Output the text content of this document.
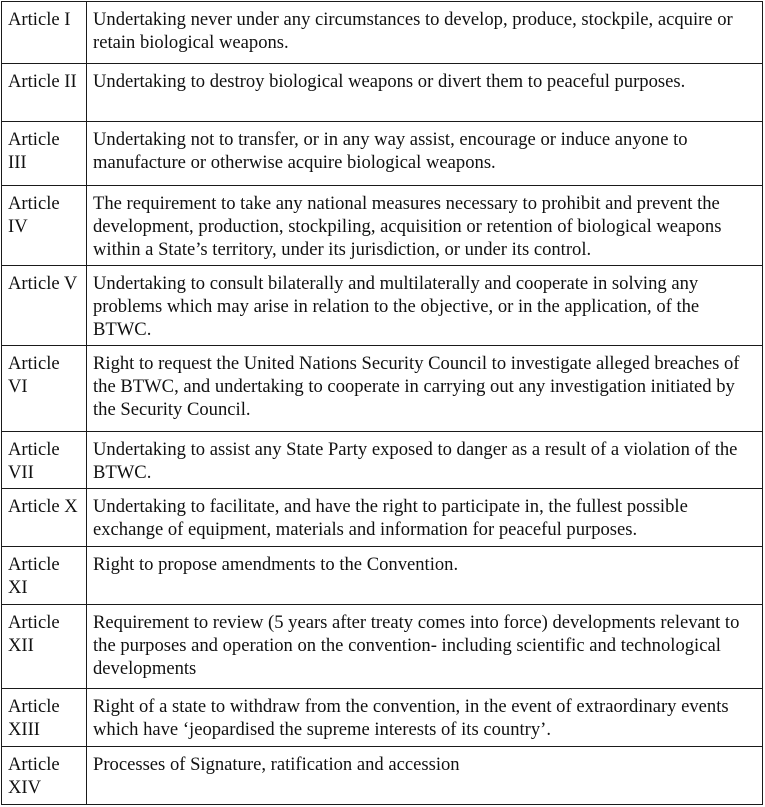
Article I	Undertaking never under any circumstances to develop, produce, stockpile, acquire or retain biological weapons.
Article II	Undertaking to destroy biological weapons or divert them to peaceful purposes.
Article III	Undertaking not to transfer, or in any way assist, encourage or induce anyone to manufacture or otherwise acquire biological weapons.
Article IV	The requirement to take any national measures necessary to prohibit and prevent the development, production, stockpiling, acquisition or retention of biological weapons within a State’s territory, under its jurisdiction, or under its control.
Article V	Undertaking to consult bilaterally and multilaterally and cooperate in solving any problems which may arise in relation to the objective, or in the application, of the BTWC.
Article VI	Right to request the United Nations Security Council to investigate alleged breaches of the BTWC, and undertaking to cooperate in carrying out any investigation initiated by the Security Council.
Article VII	Undertaking to assist any State Party exposed to danger as a result of a violation of the BTWC.
Article X	Undertaking to facilitate, and have the right to participate in, the fullest possible exchange of equipment, materials and information for peaceful purposes.
Article XI	Right to propose amendments to the Convention.
Article XII	Requirement to review (5 years after treaty comes into force) developments relevant to the purposes and operation on the convention- including scientific and technological developments
Article XIII	Right of a state to withdraw from the convention, in the event of extraordinary events which have ‘jeopardised the supreme interests of its country’.
Article XIV	Processes of Signature, ratification and accession
